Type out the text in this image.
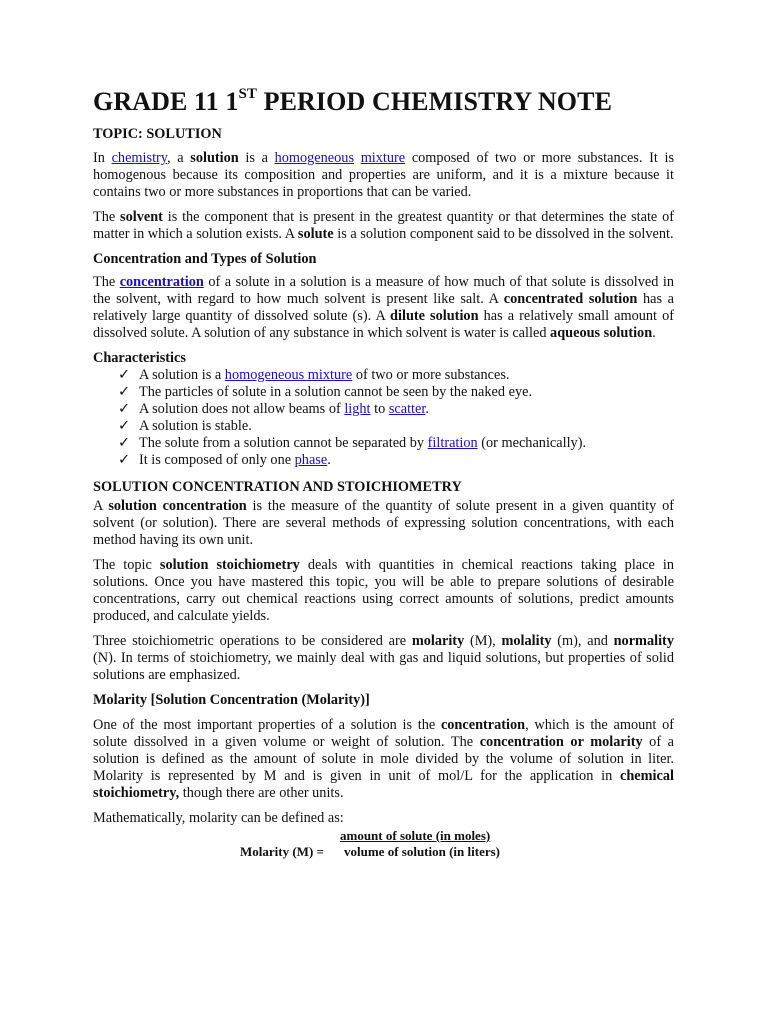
GRADE 11 1ST PERIOD CHEMISTRY NOTE

TOPIC: SOLUTION

In chemistry, a solution is a homogeneous mixture composed of two or more substances. It is homogenous because its composition and properties are uniform, and it is a mixture because it contains two or more substances in proportions that can be varied.

The solvent is the component that is present in the greatest quantity or that determines the state of matter in which a solution exists. A solute is a solution component said to be dissolved in the solvent.

Concentration and Types of Solution

The concentration of a solute in a solution is a measure of how much of that solute is dissolved in the solvent, with regard to how much solvent is present like salt. A concentrated solution has a relatively large quantity of dissolved solute (s). A dilute solution has a relatively small amount of dissolved solute. A solution of any substance in which solvent is water is called aqueous solution.

Characteristics

✓ A solution is a homogeneous mixture of two or more substances.
✓ The particles of solute in a solution cannot be seen by the naked eye.
✓ A solution does not allow beams of light to scatter.
✓ A solution is stable.
✓ The solute from a solution cannot be separated by filtration (or mechanically).
✓ It is composed of only one phase.

SOLUTION CONCENTRATION AND STOICHIOMETRY

A solution concentration is the measure of the quantity of solute present in a given quantity of solvent (or solution). There are several methods of expressing solution concentrations, with each method having its own unit.

The topic solution stoichiometry deals with quantities in chemical reactions taking place in solutions. Once you have mastered this topic, you will be able to prepare solutions of desirable concentrations, carry out chemical reactions using correct amounts of solutions, predict amounts produced, and calculate yields.

Three stoichiometric operations to be considered are molarity (M), molality (m), and normality (N). In terms of stoichiometry, we mainly deal with gas and liquid solutions, but properties of solid solutions are emphasized.

Molarity [Solution Concentration (Molarity)]

One of the most important properties of a solution is the concentration, which is the amount of solute dissolved in a given volume or weight of solution. The concentration or molarity of a solution is defined as the amount of solute in mole divided by the volume of solution in liter. Molarity is represented by M and is given in unit of mol/L for the application in chemical stoichiometry, though there are other units.

Mathematically, molarity can be defined as:

amount of solute (in moles)
Molarity (M) = volume of solution (in liters)
